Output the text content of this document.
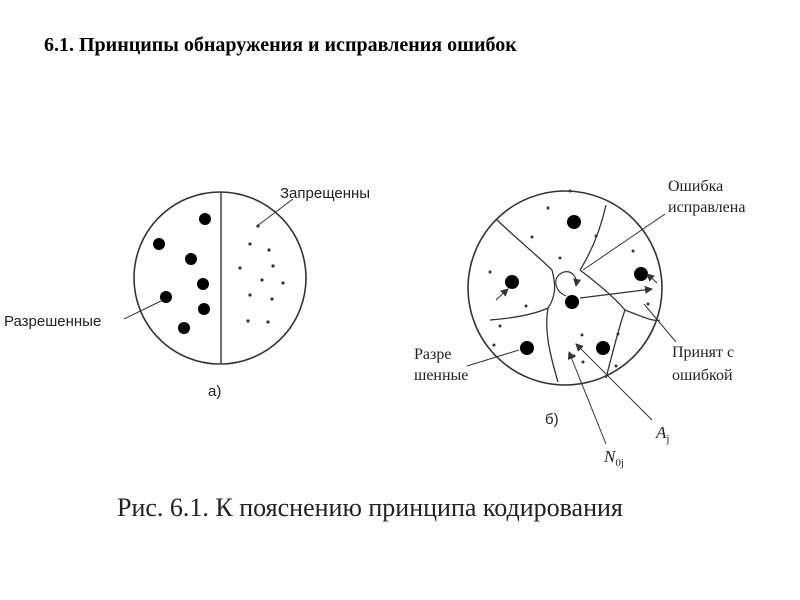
6.1. Принципы обнаружения и исправления ошибок
Запрещенны
Разрешенные
а)
Ошибка
исправлена
Разре
шенные
Принят с
ошибкой
$A_j$
$N_{0j}$
б)
Рис. 6.1. К пояснению принципа кодирования
